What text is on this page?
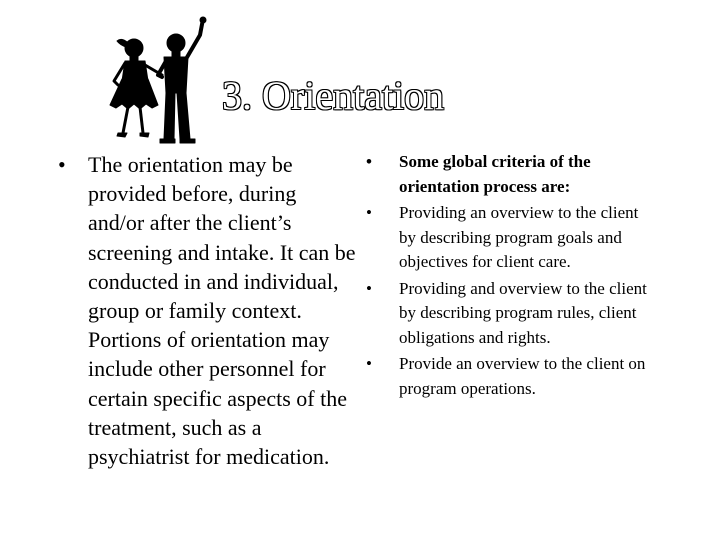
3. Orientation
• The orientation may be provided before, during and/or after the client’s screening and intake. It can be conducted in and individual, group or family context. Portions of orientation may include other personnel for certain specific aspects of the treatment, such as a psychiatrist for medication.
• Some global criteria of the orientation process are:
• Providing an overview to the client by describing program goals and objectives for client care.
• Providing and overview to the client by describing program rules, client obligations and rights.
• Provide an overview to the client on program operations.
